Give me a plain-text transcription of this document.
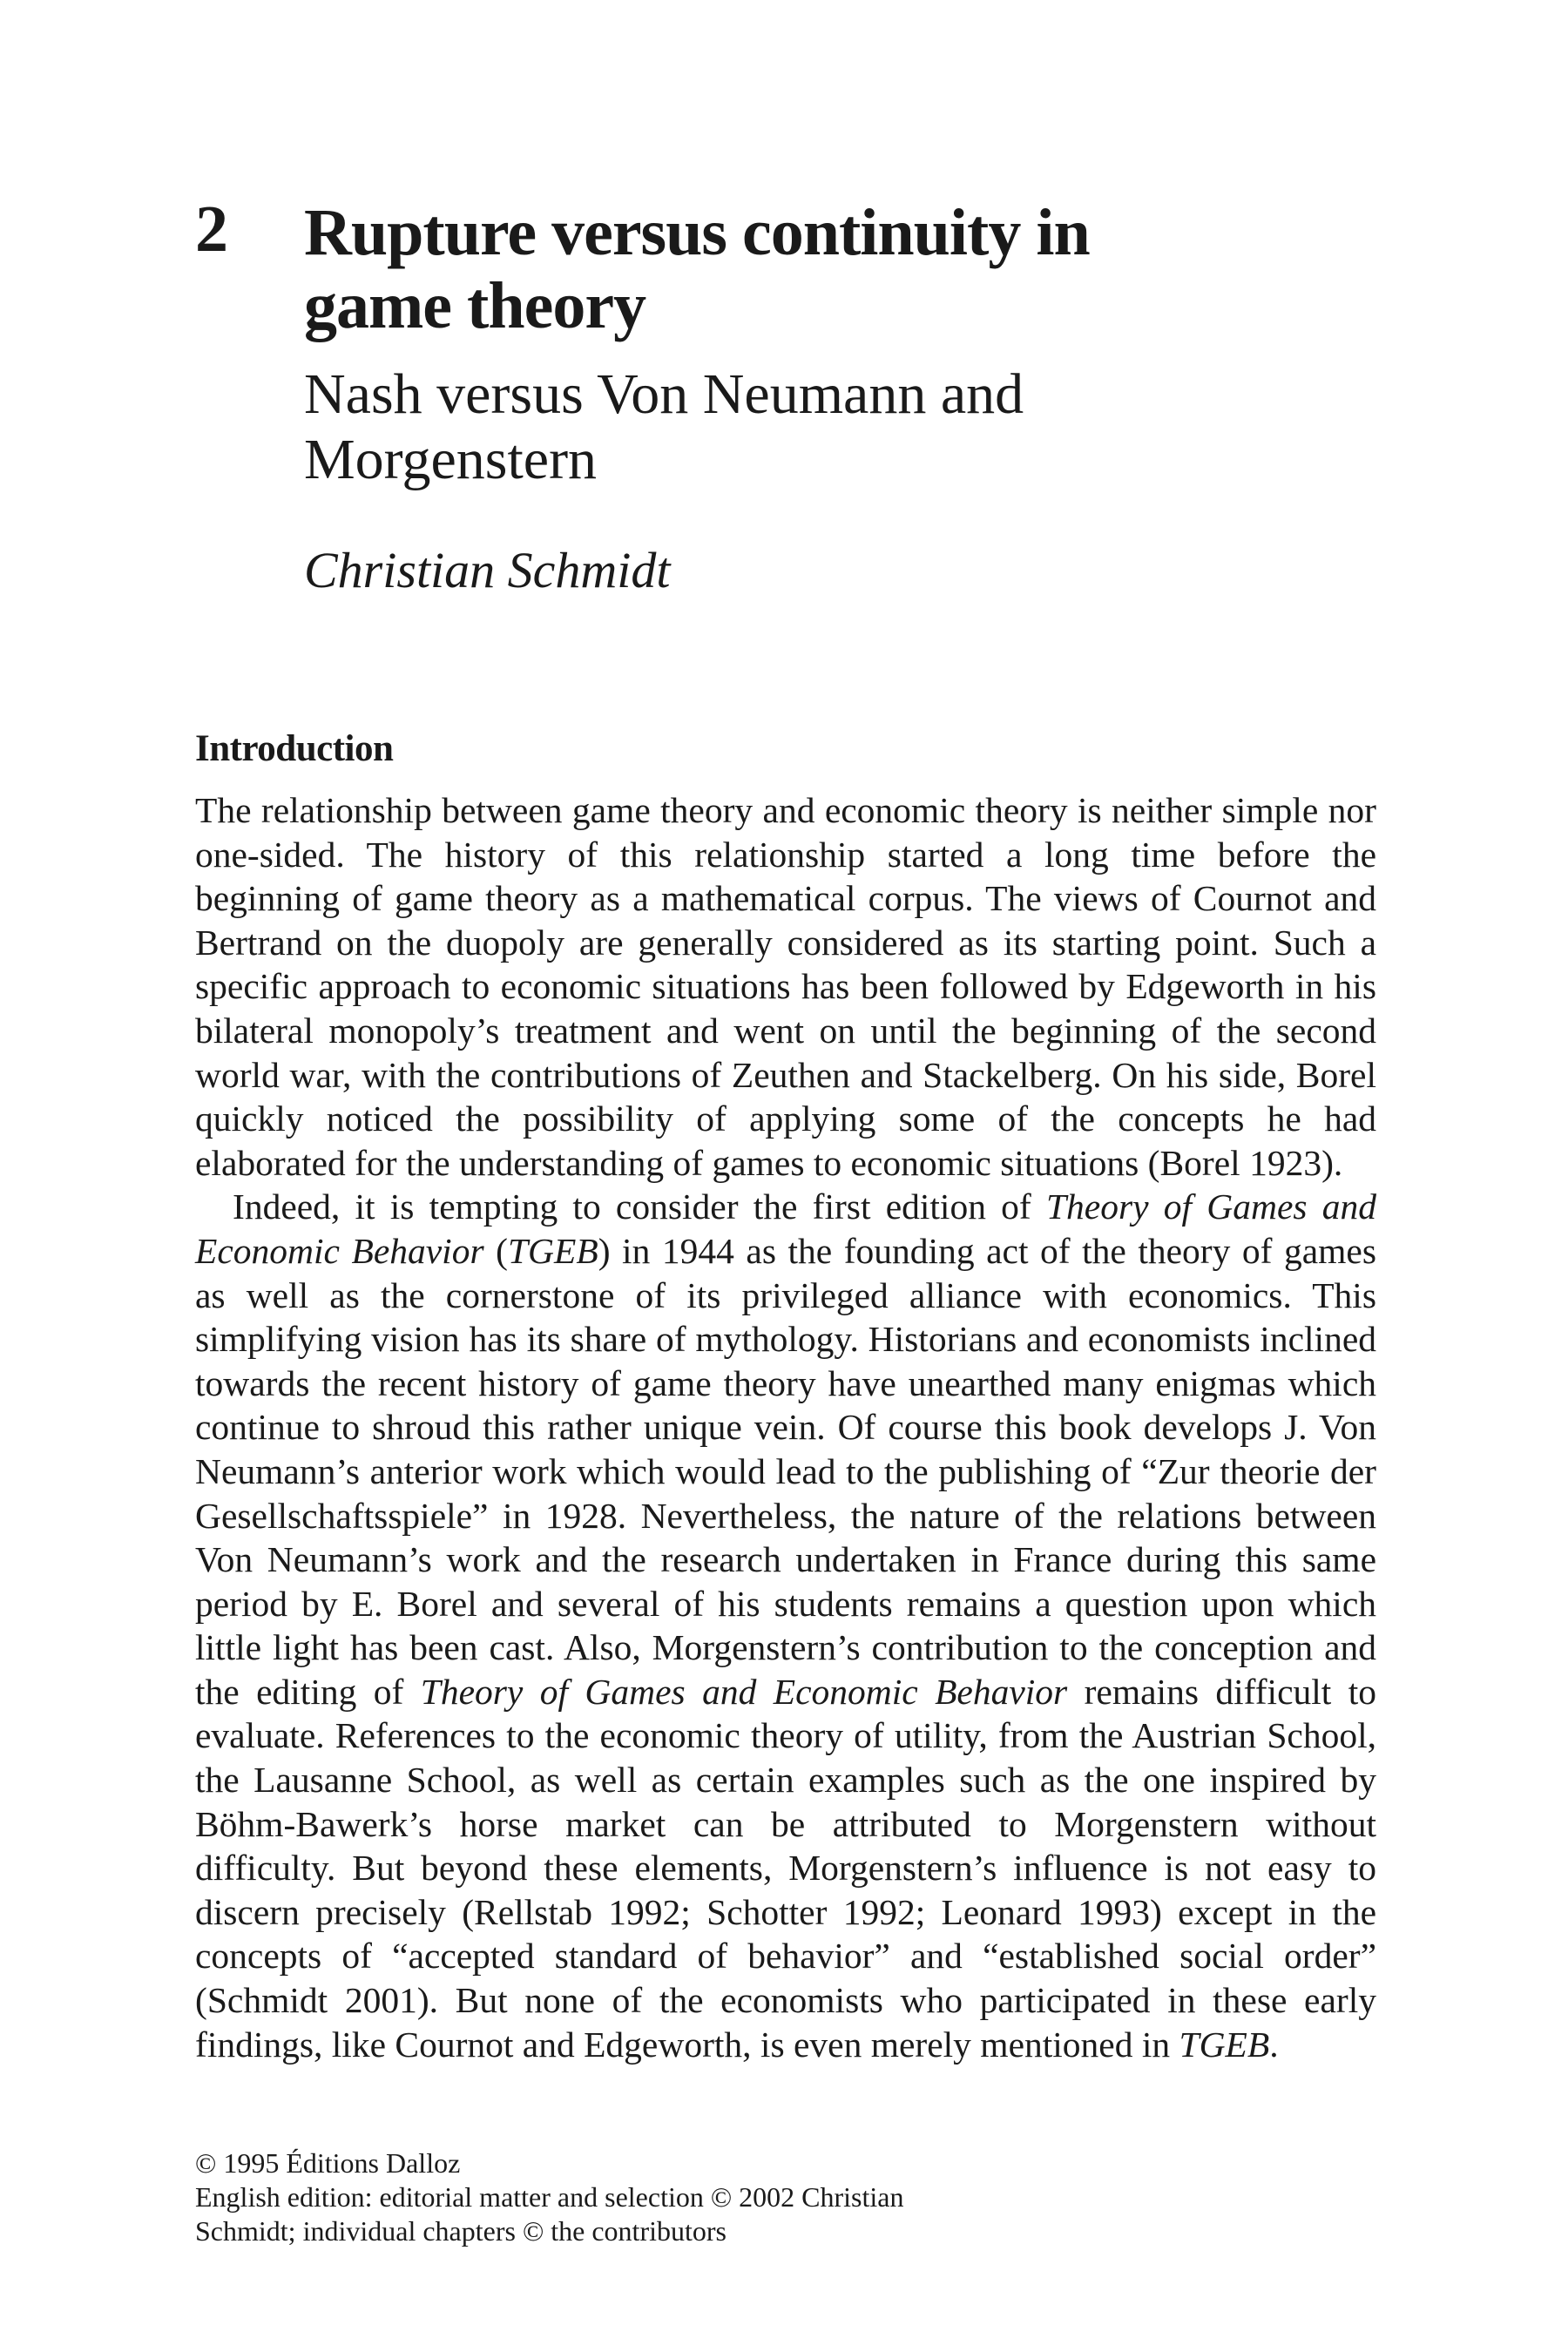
2 Rupture versus continuity in
game theory
Nash versus Von Neumann and
Morgenstern
Christian Schmidt
Introduction

The relationship between game theory and economic theory is neither simple nor one-sided. The history of this relationship started a long time before the beginning of game theory as a mathematical corpus. The views of Cournot and Bertrand on the duopoly are generally considered as its starting point. Such a specific approach to economic situations has been followed by Edgeworth in his bilateral monopoly’s treatment and went on until the beginning of the second world war, with the contributions of Zeuthen and Stackelberg. On his side, Borel quickly noticed the possibility of applying some of the concepts he had elaborated for the understanding of games to economic situations (Borel 1923).

Indeed, it is tempting to consider the first edition of Theory of Games and Economic Behavior (TGEB) in 1944 as the founding act of the theory of games as well as the cornerstone of its privileged alliance with economics. This simplifying vision has its share of mythology. Historians and economists inclined towards the recent history of game theory have unearthed many enigmas which continue to shroud this rather unique vein. Of course this book develops J. Von Neumann’s anterior work which would lead to the publishing of “Zur theorie der Gesellschaftsspiele” in 1928. Nevertheless, the nature of the relations between Von Neumann’s work and the research undertaken in France during this same period by E. Borel and several of his students remains a question upon which little light has been cast. Also, Morgenstern’s contribution to the conception and the editing of Theory of Games and Economic Behavior remains difficult to evaluate. References to the economic theory of utility, from the Austrian School, the Lausanne School, as well as certain examples such as the one inspired by Böhm-Bawerk’s horse market can be attributed to Morgenstern without difficulty. But beyond these elements, Morgenstern’s influence is not easy to discern precisely (Rellstab 1992; Schotter 1992; Leonard 1993) except in the concepts of “accepted standard of behavior” and “established social order” (Schmidt 2001). But none of the economists who participated in these early findings, like Cournot and Edgeworth, is even merely mentioned in TGEB.

© 1995 Éditions Dalloz
English edition: editorial matter and selection © 2002 Christian
Schmidt; individual chapters © the contributors
